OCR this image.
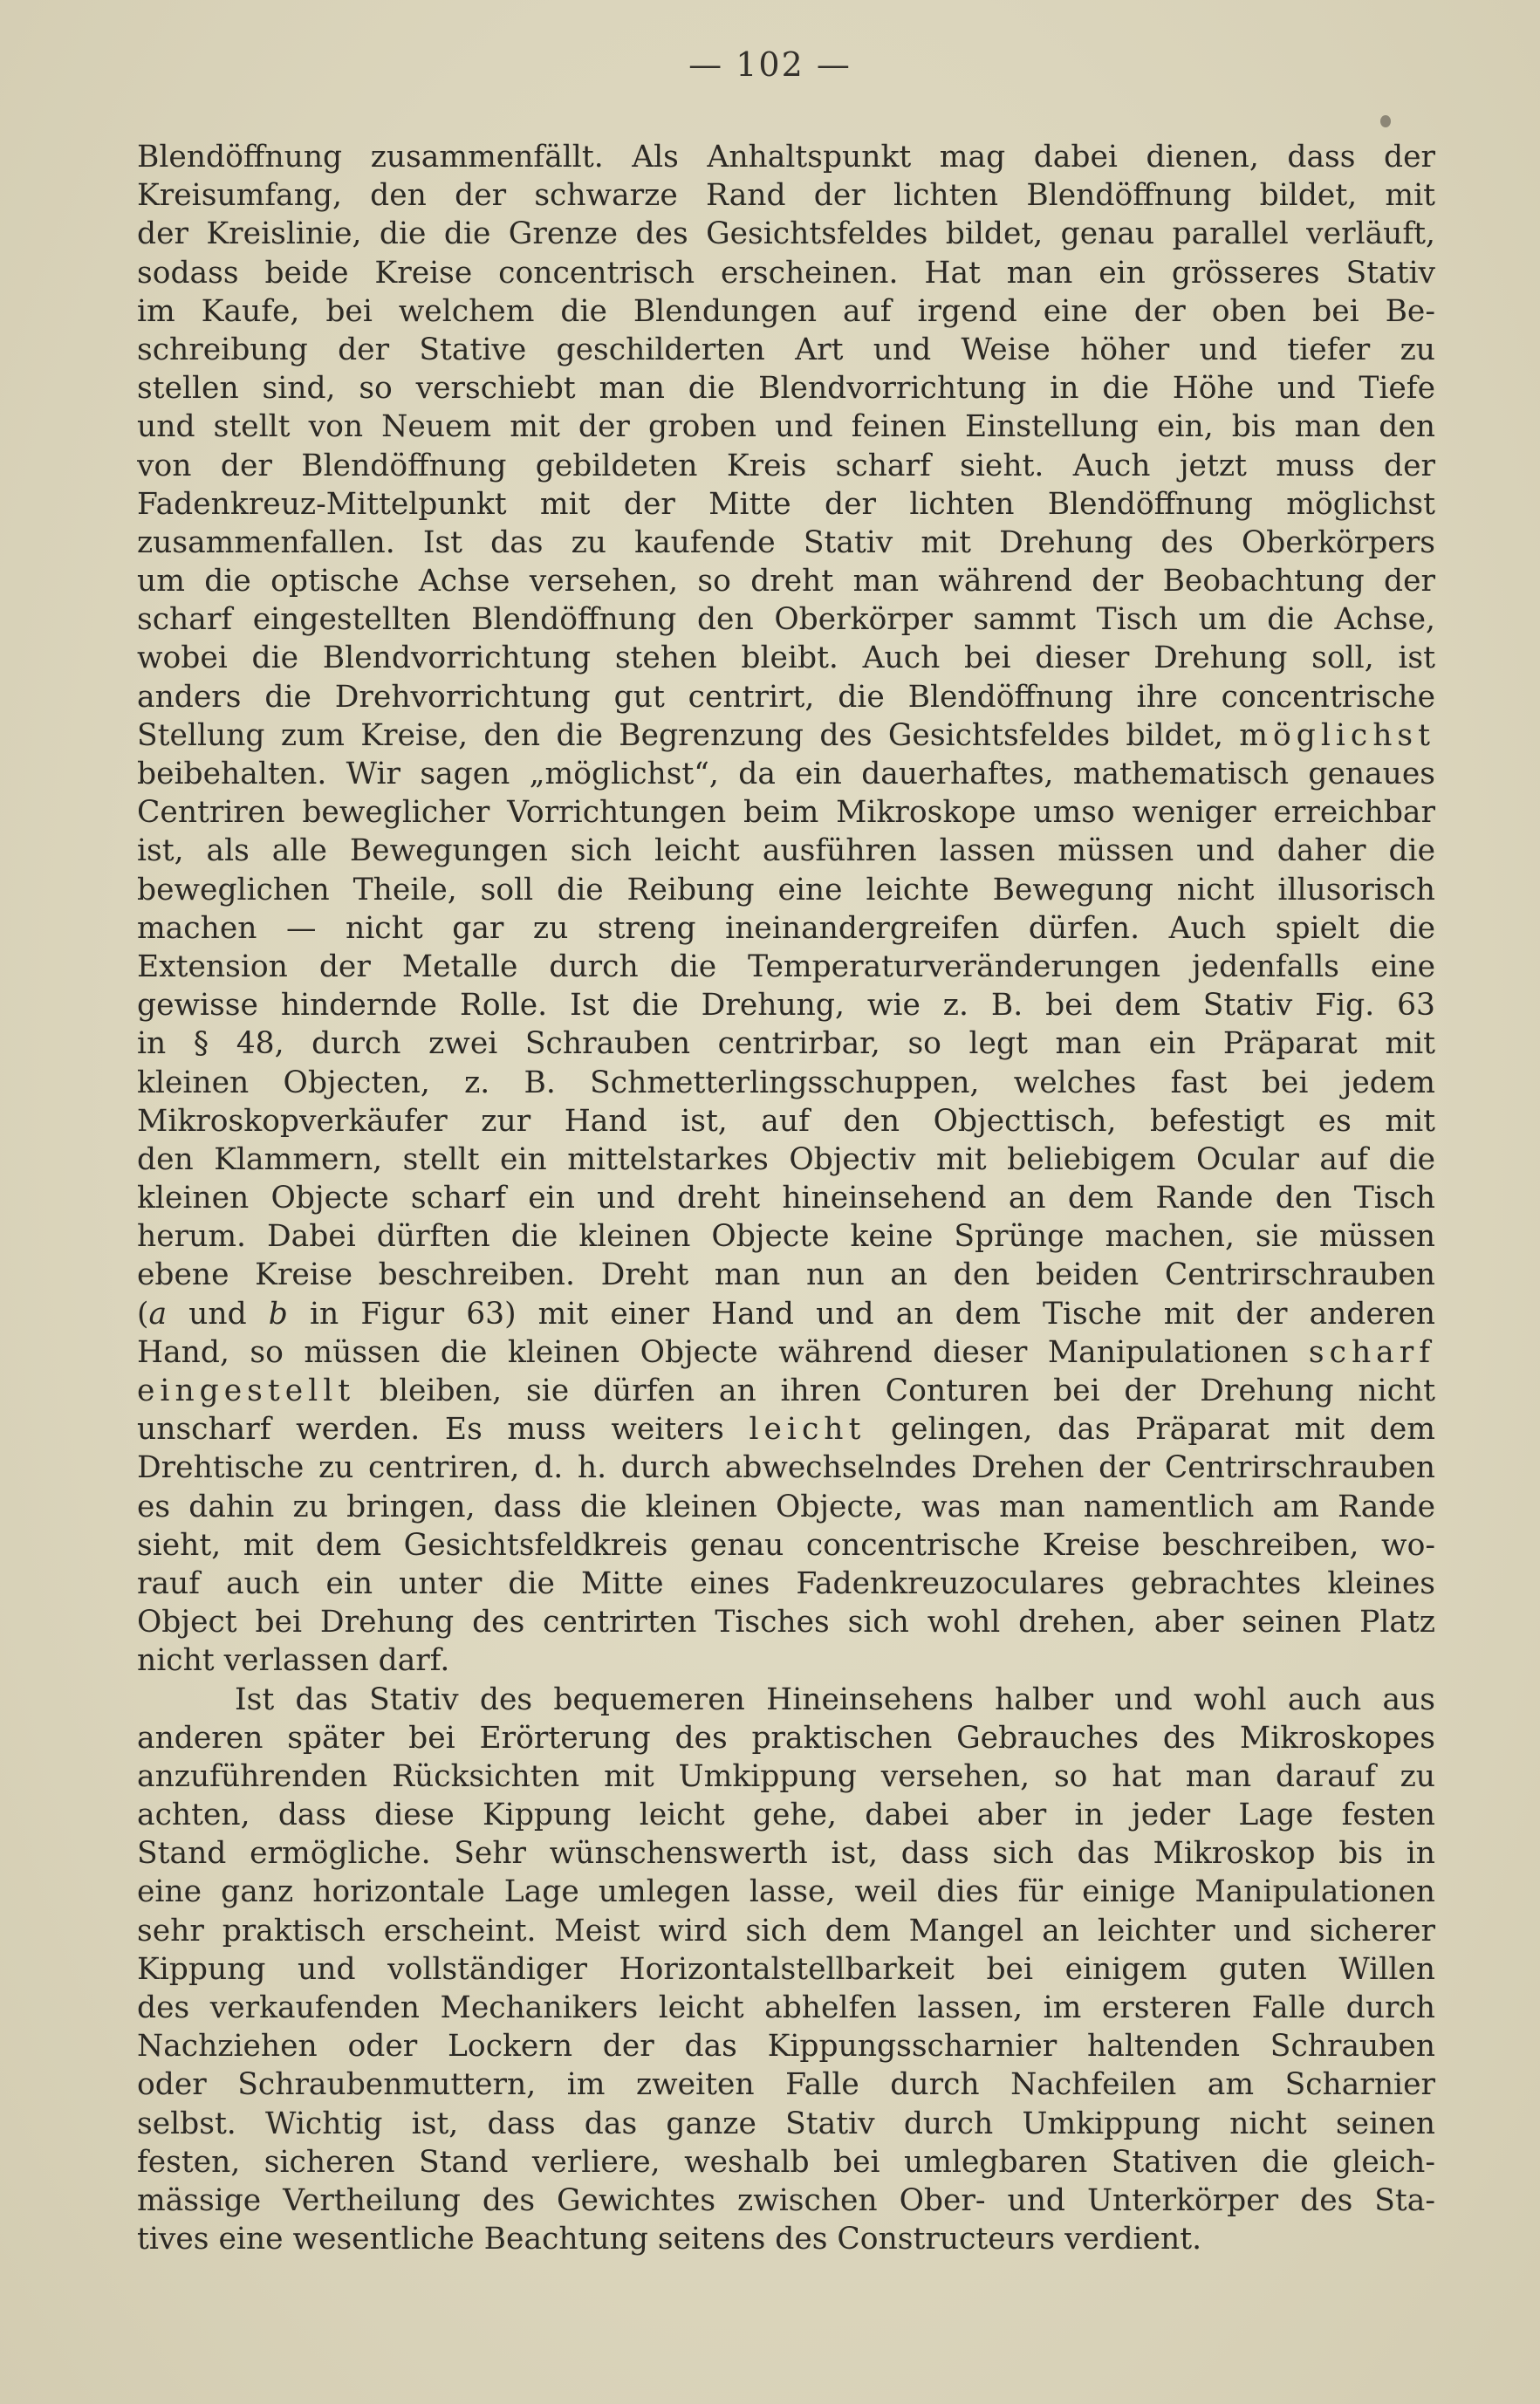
— 102 —
Blendöffnung zusammenfällt. Als Anhaltspunkt mag dabei dienen, dass der
Kreisumfang, den der schwarze Rand der lichten Blendöffnung bildet, mit
der Kreislinie, die die Grenze des Gesichtsfeldes bildet, genau parallel verläuft,
sodass beide Kreise concentrisch erscheinen. Hat man ein grösseres Stativ
im Kaufe, bei welchem die Blendungen auf irgend eine der oben bei Be-
schreibung der Stative geschilderten Art und Weise höher und tiefer zu
stellen sind, so verschiebt man die Blendvorrichtung in die Höhe und Tiefe
und stellt von Neuem mit der groben und feinen Einstellung ein, bis man den
von der Blendöffnung gebildeten Kreis scharf sieht. Auch jetzt muss der
Fadenkreuz-Mittelpunkt mit der Mitte der lichten Blendöffnung möglichst
zusammenfallen. Ist das zu kaufende Stativ mit Drehung des Oberkörpers
um die optische Achse versehen, so dreht man während der Beobachtung der
scharf eingestellten Blendöffnung den Oberkörper sammt Tisch um die Achse,
wobei die Blendvorrichtung stehen bleibt. Auch bei dieser Drehung soll, ist
anders die Drehvorrichtung gut centrirt, die Blendöffnung ihre concentrische
Stellung zum Kreise, den die Begrenzung des Gesichtsfeldes bildet, möglichst
beibehalten. Wir sagen „möglichst“, da ein dauerhaftes, mathematisch genaues
Centriren beweglicher Vorrichtungen beim Mikroskope umso weniger erreichbar
ist, als alle Bewegungen sich leicht ausführen lassen müssen und daher die
beweglichen Theile, soll die Reibung eine leichte Bewegung nicht illusorisch
machen — nicht gar zu streng ineinandergreifen dürfen. Auch spielt die
Extension der Metalle durch die Temperaturveränderungen jedenfalls eine
gewisse hindernde Rolle. Ist die Drehung, wie z. B. bei dem Stativ Fig. 63
in § 48, durch zwei Schrauben centrirbar, so legt man ein Präparat mit
kleinen Objecten, z. B. Schmetterlingsschuppen, welches fast bei jedem
Mikroskopverkäufer zur Hand ist, auf den Objecttisch, befestigt es mit
den Klammern, stellt ein mittelstarkes Objectiv mit beliebigem Ocular auf die
kleinen Objecte scharf ein und dreht hineinsehend an dem Rande den Tisch
herum. Dabei dürften die kleinen Objecte keine Sprünge machen, sie müssen
ebene Kreise beschreiben. Dreht man nun an den beiden Centrirschrauben
(a und b in Figur 63) mit einer Hand und an dem Tische mit der anderen
Hand, so müssen die kleinen Objecte während dieser Manipulationen scharf
eingestellt bleiben, sie dürfen an ihren Conturen bei der Drehung nicht
unscharf werden. Es muss weiters leicht gelingen, das Präparat mit dem
Drehtische zu centriren, d. h. durch abwechselndes Drehen der Centrirschrauben
es dahin zu bringen, dass die kleinen Objecte, was man namentlich am Rande
sieht, mit dem Gesichtsfeldkreis genau concentrische Kreise beschreiben, wo-
rauf auch ein unter die Mitte eines Fadenkreuzoculares gebrachtes kleines
Object bei Drehung des centrirten Tisches sich wohl drehen, aber seinen Platz
nicht verlassen darf.
Ist das Stativ des bequemeren Hineinsehens halber und wohl auch aus
anderen später bei Erörterung des praktischen Gebrauches des Mikroskopes
anzuführenden Rücksichten mit Umkippung versehen, so hat man darauf zu
achten, dass diese Kippung leicht gehe, dabei aber in jeder Lage festen
Stand ermögliche. Sehr wünschenswerth ist, dass sich das Mikroskop bis in
eine ganz horizontale Lage umlegen lasse, weil dies für einige Manipulationen
sehr praktisch erscheint. Meist wird sich dem Mangel an leichter und sicherer
Kippung und vollständiger Horizontalstellbarkeit bei einigem guten Willen
des verkaufenden Mechanikers leicht abhelfen lassen, im ersteren Falle durch
Nachziehen oder Lockern der das Kippungsscharnier haltenden Schrauben
oder Schraubenmuttern, im zweiten Falle durch Nachfeilen am Scharnier
selbst. Wichtig ist, dass das ganze Stativ durch Umkippung nicht seinen
festen, sicheren Stand verliere, weshalb bei umlegbaren Stativen die gleich-
mässige Vertheilung des Gewichtes zwischen Ober- und Unterkörper des Sta-
tives eine wesentliche Beachtung seitens des Constructeurs verdient.
